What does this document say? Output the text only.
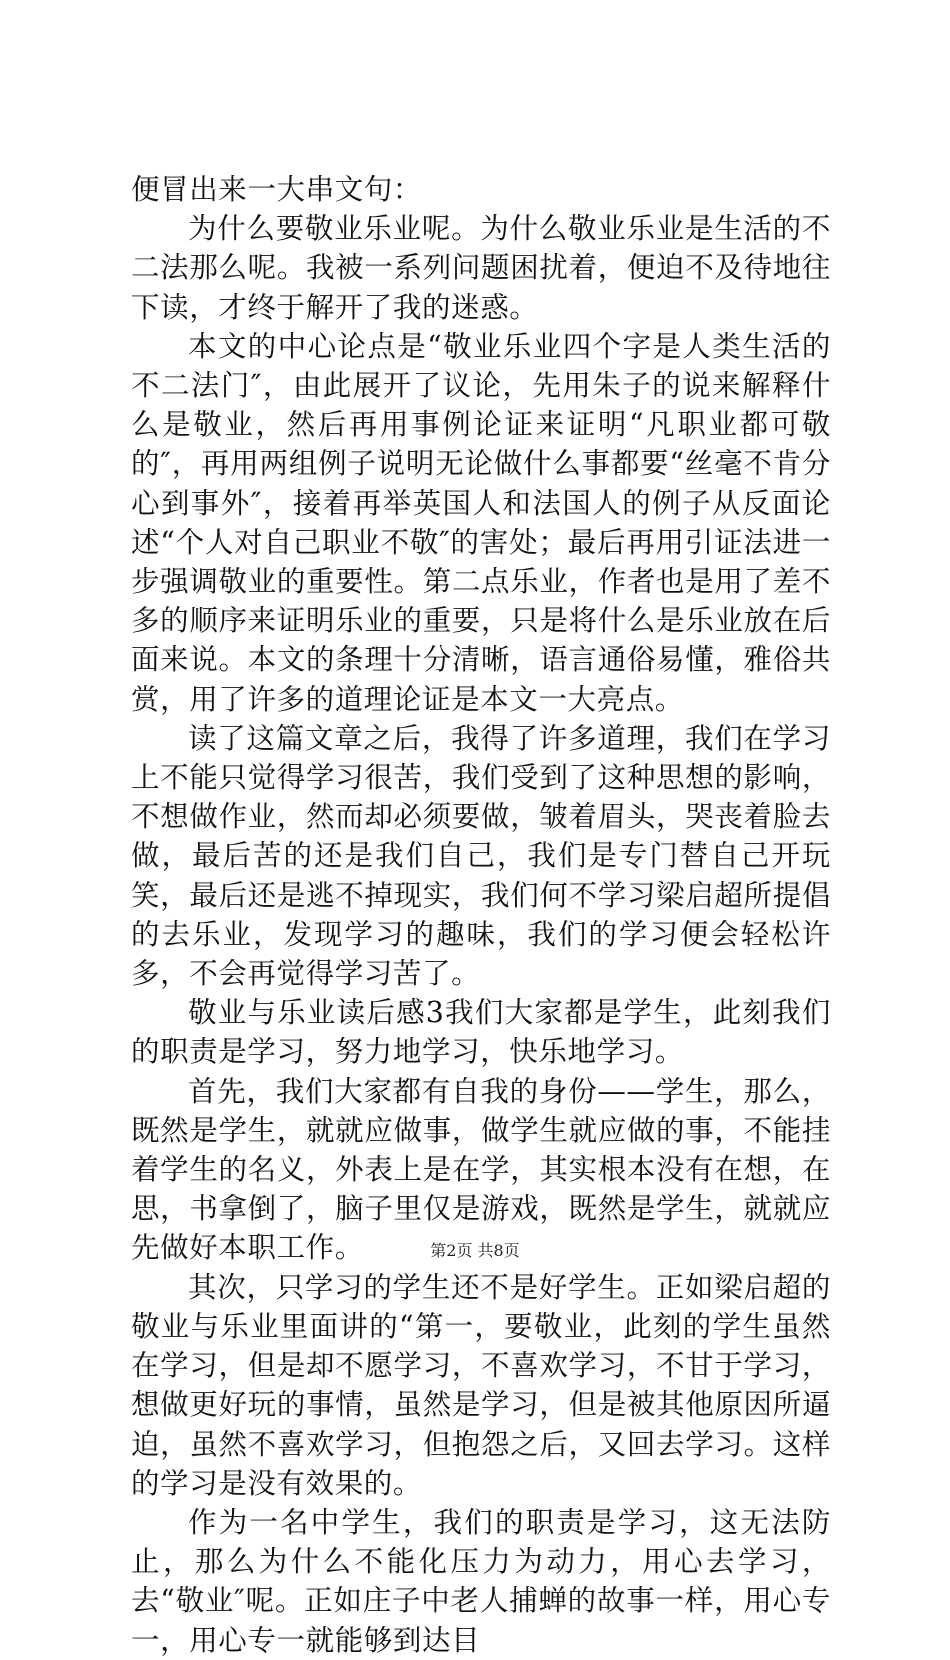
便冒出来一大串文句：

为什么要敬业乐业呢。为什么敬业乐业是生活的不二法那么呢。我被一系列问题困扰着，便迫不及待地往下读，才终于解开了我的迷惑。

本文的中心论点是“敬业乐业四个字是人类生活的不二法门″，由此展开了议论，先用朱子的说来解释什么是敬业，然后再用事例论证来证明“凡职业都可敬的″，再用两组例子说明无论做什么事都要“丝毫不肯分心到事外″，接着再举英国人和法国人的例子从反面论述“个人对自己职业不敬″的害处；最后再用引证法进一步强调敬业的重要性。第二点乐业，作者也是用了差不多的顺序来证明乐业的重要，只是将什么是乐业放在后面来说。本文的条理十分清晰，语言通俗易懂，雅俗共赏，用了许多的道理论证是本文一大亮点。

读了这篇文章之后，我得了许多道理，我们在学习上不能只觉得学习很苦，我们受到了这种思想的影响，不想做作业，然而却必须要做，皱着眉头，哭丧着脸去做，最后苦的还是我们自己，我们是专门替自己开玩笑，最后还是逃不掉现实，我们何不学习梁启超所提倡的去乐业，发现学习的趣味，我们的学习便会轻松许多，不会再觉得学习苦了。

敬业与乐业读后感3我们大家都是学生，此刻我们的职责是学习，努力地学习，快乐地学习。

首先，我们大家都有自我的身份——学生，那么，既然是学生，就就应做事，做学生就应做的事，不能挂着学生的名义，外表上是在学，其实根本没有在想，在思，书拿倒了，脑子里仅是游戏，既然是学生，就就应先做好本职工作。

其次，只学习的学生还不是好学生。正如梁启超的敬业与乐业里面讲的“第一，要敬业，此刻的学生虽然在学习，但是却不愿学习，不喜欢学习，不甘于学习，想做更好玩的事情，虽然是学习，但是被其他原因所逼迫，虽然不喜欢学习，但抱怨之后，又回去学习。这样的学习是没有效果的。

作为一名中学生，我们的职责是学习，这无法防止，那么为什么不能化压力为动力，用心去学习，去“敬业″呢。正如庄子中老人捕蝉的故事一样，用心专一，用心专一就能够到达目

第2页 共8页
